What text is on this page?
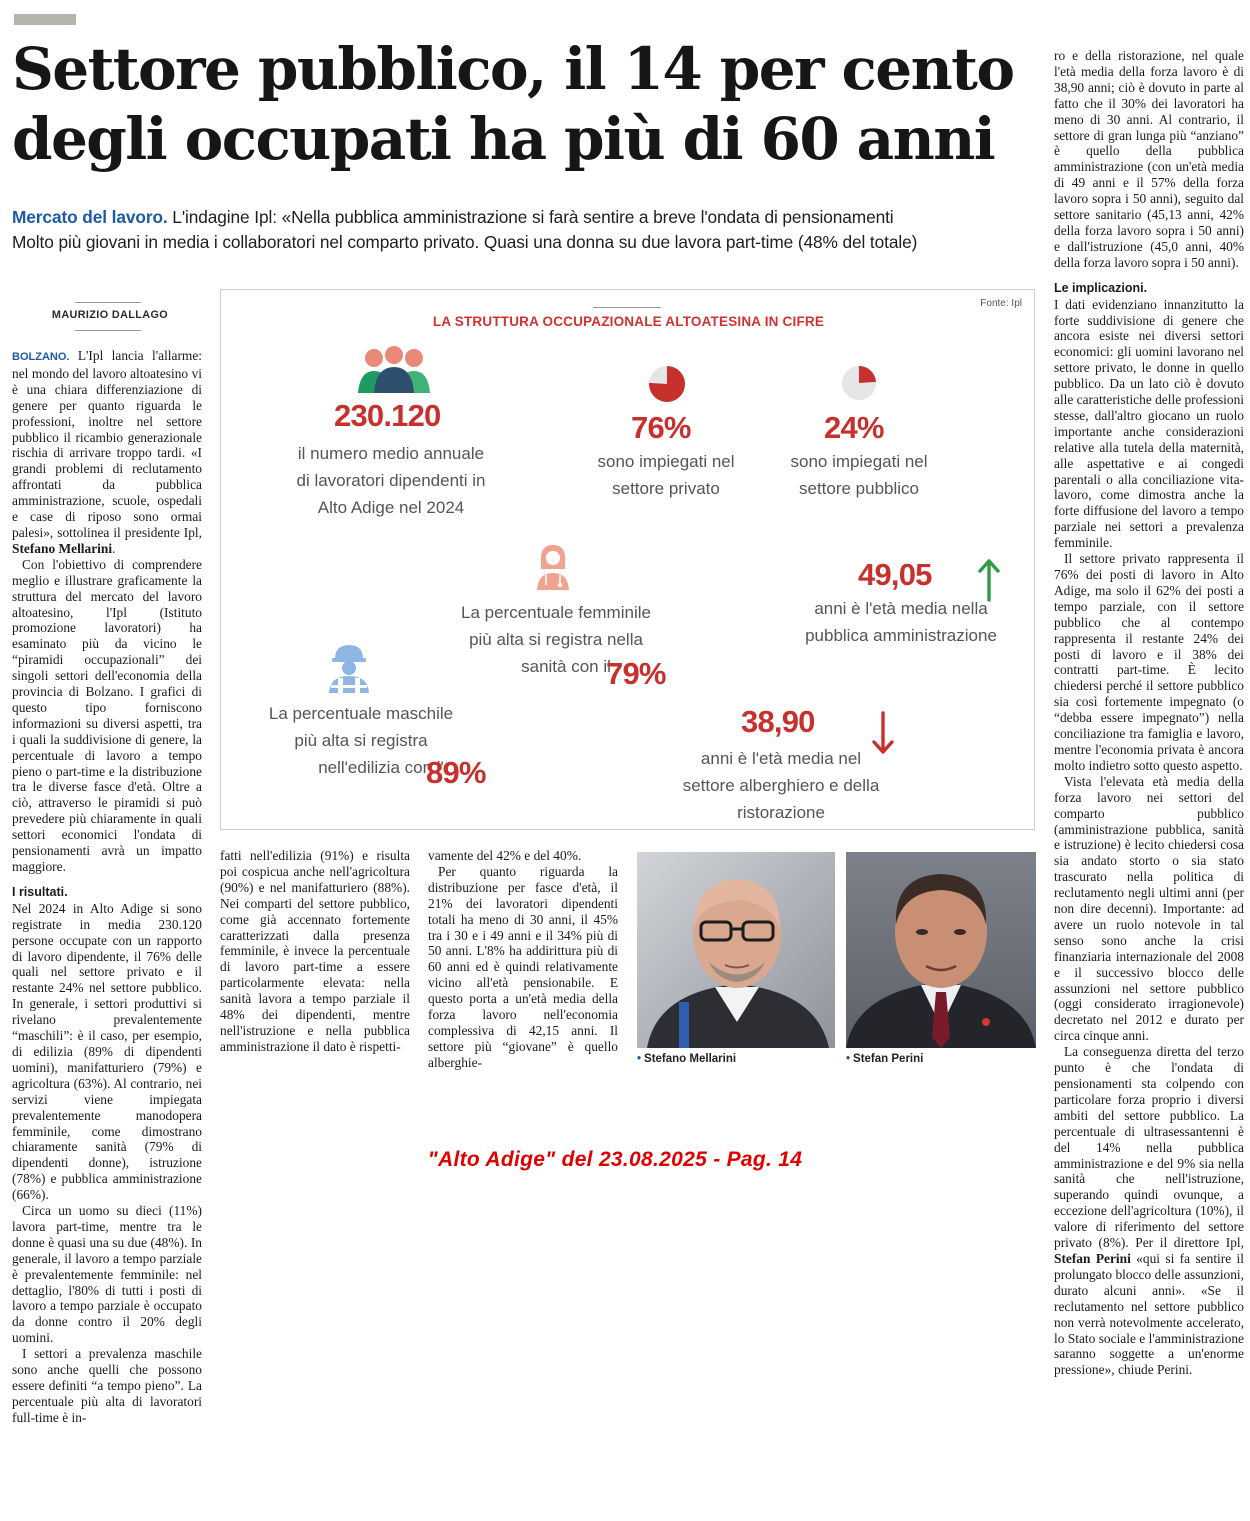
Settore pubblico, il 14 per cento
degli occupati ha più di 60 anni
Mercato del lavoro. L'indagine Ipl: «Nella pubblica amministrazione si farà sentire a breve l'ondata di pensionamenti
Molto più giovani in media i collaboratori nel comparto privato. Quasi una donna su due lavora part-time (48% del totale)
MAURIZIO DALLAGO

BOLZANO. L'Ipl lancia l'allarme: nel mondo del lavoro altoatesino vi è una chiara differenziazione di genere per quanto riguarda le professioni, inoltre nel settore pubblico il ricambio generazionale rischia di arrivare troppo tardi. «I grandi problemi di reclutamento affrontati da pubblica amministrazione, scuole, ospedali e case di riposo sono ormai palesi», sottolinea il presidente Ipl, Stefano Mellarini.

Con l'obiettivo di comprendere meglio e illustrare graficamente la struttura del mercato del lavoro altoatesino, l'Ipl (Istituto promozione lavoratori) ha esaminato più da vicino le “piramidi occupazionali” dei singoli settori dell'economia della provincia di Bolzano. I grafici di questo tipo forniscono informazioni su diversi aspetti, tra i quali la suddivisione di genere, la percentuale di lavoro a tempo pieno o part-time e la distribuzione tra le diverse fasce d'età. Oltre a ciò, attraverso le piramidi si può prevedere più chiaramente in quali settori economici l'ondata di pensionamenti avrà un impatto maggiore.

I risultati.

Nel 2024 in Alto Adige si sono registrate in media 230.120 persone occupate con un rapporto di lavoro dipendente, il 76% delle quali nel settore privato e il restante 24% nel settore pubblico. In generale, i settori produttivi si rivelano prevalentemente “maschili”: è il caso, per esempio, di edilizia (89% di dipendenti uomini), manifatturiero (79%) e agricoltura (63%). Al contrario, nei servizi viene impiegata prevalentemente manodopera femminile, come dimostrano chiaramente sanità (79% di dipendenti donne), istruzione (78%) e pubblica amministrazione (66%).

Circa un uomo su dieci (11%) lavora part-time, mentre tra le donne è quasi una su due (48%). In generale, il lavoro a tempo parziale è prevalentemente femminile: nel dettaglio, l'80% di tutti i posti di lavoro a tempo parziale è occupato da donne contro il 20% degli uomini.

I settori a prevalenza maschile sono anche quelli che possono essere definiti “a tempo pieno”. La percentuale più alta di lavoratori full-time è in-

Fonte: Ipl
LA STRUTTURA OCCUPAZIONALE ALTOATESINA IN CIFRE
230.120
il numero medio annuale
di lavoratori dipendenti in
Alto Adige nel 2024
76%
sono impiegati nel
settore privato
24%
sono impiegati nel
settore pubblico
La percentuale femminile
più alta si registra nella
sanità con il
79%
49,05
anni è l'età media nella
pubblica amministrazione
La percentuale maschile
più alta si registra
nell'edilizia con l'
89%
38,90
anni è l'età media nel
settore alberghiero e della
ristorazione

fatti nell'edilizia (91%) e risulta poi cospicua anche nell'agricoltura (90%) e nel manifatturiero (88%). Nei comparti del settore pubblico, come già accennato fortemente caratterizzati dalla presenza femminile, è invece la percentuale di lavoro part-time a essere particolarmente elevata: nella sanità lavora a tempo parziale il 48% dei dipendenti, mentre nell'istruzione e nella pubblica amministrazione il dato è rispetti-

vamente del 42% e del 40%.

Per quanto riguarda la distribuzione per fasce d'età, il 21% dei lavoratori dipendenti totali ha meno di 30 anni, il 45% tra i 30 e i 49 anni e il 34% più di 50 anni. L'8% ha addirittura più di 60 anni ed è quindi relativamente vicino all'età pensionabile. E questo porta a un'età media della forza lavoro nell'economia complessiva di 42,15 anni. Il settore più “giovane” è quello alberghie-	• Stefano Mellarini	• Stefan Perini

ro e della ristorazione, nel quale l'età media della forza lavoro è di 38,90 anni; ciò è dovuto in parte al fatto che il 30% dei lavoratori ha meno di 30 anni. Al contrario, il settore di gran lunga più “anziano” è quello della pubblica amministrazione (con un'età media di 49 anni e il 57% della forza lavoro sopra i 50 anni), seguito dal settore sanitario (45,13 anni, 42% della forza lavoro sopra i 50 anni) e dall'istruzione (45,0 anni, 40% della forza lavoro sopra i 50 anni).

Le implicazioni.

I dati evidenziano innanzitutto la forte suddivisione di genere che ancora esiste nei diversi settori economici: gli uomini lavorano nel settore privato, le donne in quello pubblico. Da un lato ciò è dovuto alle caratteristiche delle professioni stesse, dall'altro giocano un ruolo importante anche considerazioni relative alla tutela della maternità, alle aspettative e ai congedi parentali o alla conciliazione vita-lavoro, come dimostra anche la forte diffusione del lavoro a tempo parziale nei settori a prevalenza femminile.

Il settore privato rappresenta il 76% dei posti di lavoro in Alto Adige, ma solo il 62% dei posti a tempo parziale, con il settore pubblico che al contempo rappresenta il restante 24% dei posti di lavoro e il 38% dei contratti part-time. È lecito chiedersi perché il settore pubblico sia così fortemente impegnato (o “debba essere impegnato”) nella conciliazione tra famiglia e lavoro, mentre l'economia privata è ancora molto indietro sotto questo aspetto.

Vista l'elevata età media della forza lavoro nei settori del comparto pubblico (amministrazione pubblica, sanità e istruzione) è lecito chiedersi cosa sia andato storto o sia stato trascurato nella politica di reclutamento negli ultimi anni (per non dire decenni). Importante: ad avere un ruolo notevole in tal senso sono anche la crisi finanziaria internazionale del 2008 e il successivo blocco delle assunzioni nel settore pubblico (oggi considerato irragionevole) decretato nel 2012 e durato per circa cinque anni.

La conseguenza diretta del terzo punto è che l'ondata di pensionamenti sta colpendo con particolare forza proprio i diversi ambiti del settore pubblico. La percentuale di ultrasessantenni è del 14% nella pubblica amministrazione e del 9% sia nella sanità che nell'istruzione, superando quindi ovunque, a eccezione dell'agricoltura (10%), il valore di riferimento del settore privato (8%). Per il direttore Ipl, Stefan Perini «qui si fa sentire il prolungato blocco delle assunzioni, durato alcuni anni». «Se il reclutamento nel settore pubblico non verrà notevolmente accelerato, lo Stato sociale e l'amministrazione saranno soggette a un'enorme pressione», chiude Perini.

"Alto Adige" del 23.08.2025 - Pag. 14
